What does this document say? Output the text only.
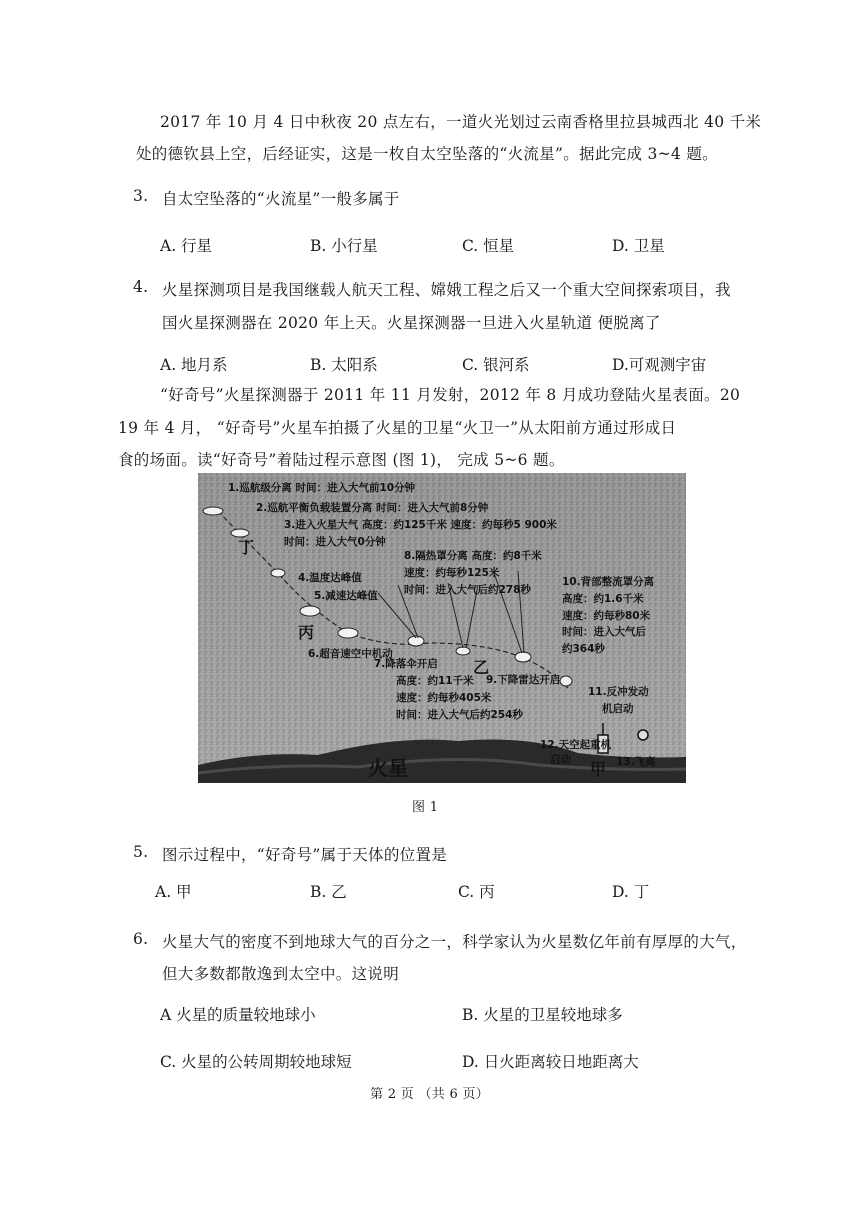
2017 年 10 月 4 日中秋夜 20 点左右，一道火光划过云南香格里拉县城西北 40 千米
处的德钦县上空，后经证实，这是一枚自太空坠落的“火流星”。据此完成 3~4 题。
3. 自太空坠落的“火流星”一般多属于
A. 行星	B. 小行星	C. 恒星	D. 卫星
4. 火星探测项目是我国继载人航天工程、嫦娥工程之后又一个重大空间探索项目，我
国火星探测器在 2020 年上天。火星探测器一旦进入火星轨道 便脱离了
A. 地月系	B. 太阳系	C. 银河系	D.可观测宇宙
“好奇号”火星探测器于 2011 年 11 月发射，2012 年 8 月成功登陆火星表面。20
19 年 4 月， “好奇号”火星车拍摄了火星的卫星“火卫一”从太阳前方通过形成日
食的场面。读“好奇号”着陆过程示意图 (图 1)， 完成 5~6 题。
1.巡航级分离 时间：进入大气前10分钟
2.巡航平衡负载装置分离 时间：进入大气前8分钟
3.进入火星大气 高度：约125千米 速度：约每秒5 900米
时间：进入大气0分钟
4.温度达峰值
5.减速达峰值
6.超音速空中机动
7.降落伞开启
高度：约11千米
速度：约每秒405米
时间：进入大气后约254秒
8.隔热罩分离 高度：约8千米
速度：约每秒125米
时间：进入大气后约278秒
9.下降雷达开启
10.背部整流罩分离
高度：约1.6千米
速度：约每秒80米
时间：进入大气后
约364秒
11.反冲发动
机启动
12.天空起重机
启动	13.飞离
丁
丙
乙
甲
火星
图 1
5. 图示过程中，“好奇号”属于天体的位置是
A. 甲	B. 乙	C. 丙	D. 丁
6. 火星大气的密度不到地球大气的百分之一，科学家认为火星数亿年前有厚厚的大气，
但大多数都散逸到太空中。这说明
A 火星的质量较地球小	B. 火星的卫星较地球多
C. 火星的公转周期较地球短	D. 日火距离较日地距离大
第 2 页 （共 6 页）
